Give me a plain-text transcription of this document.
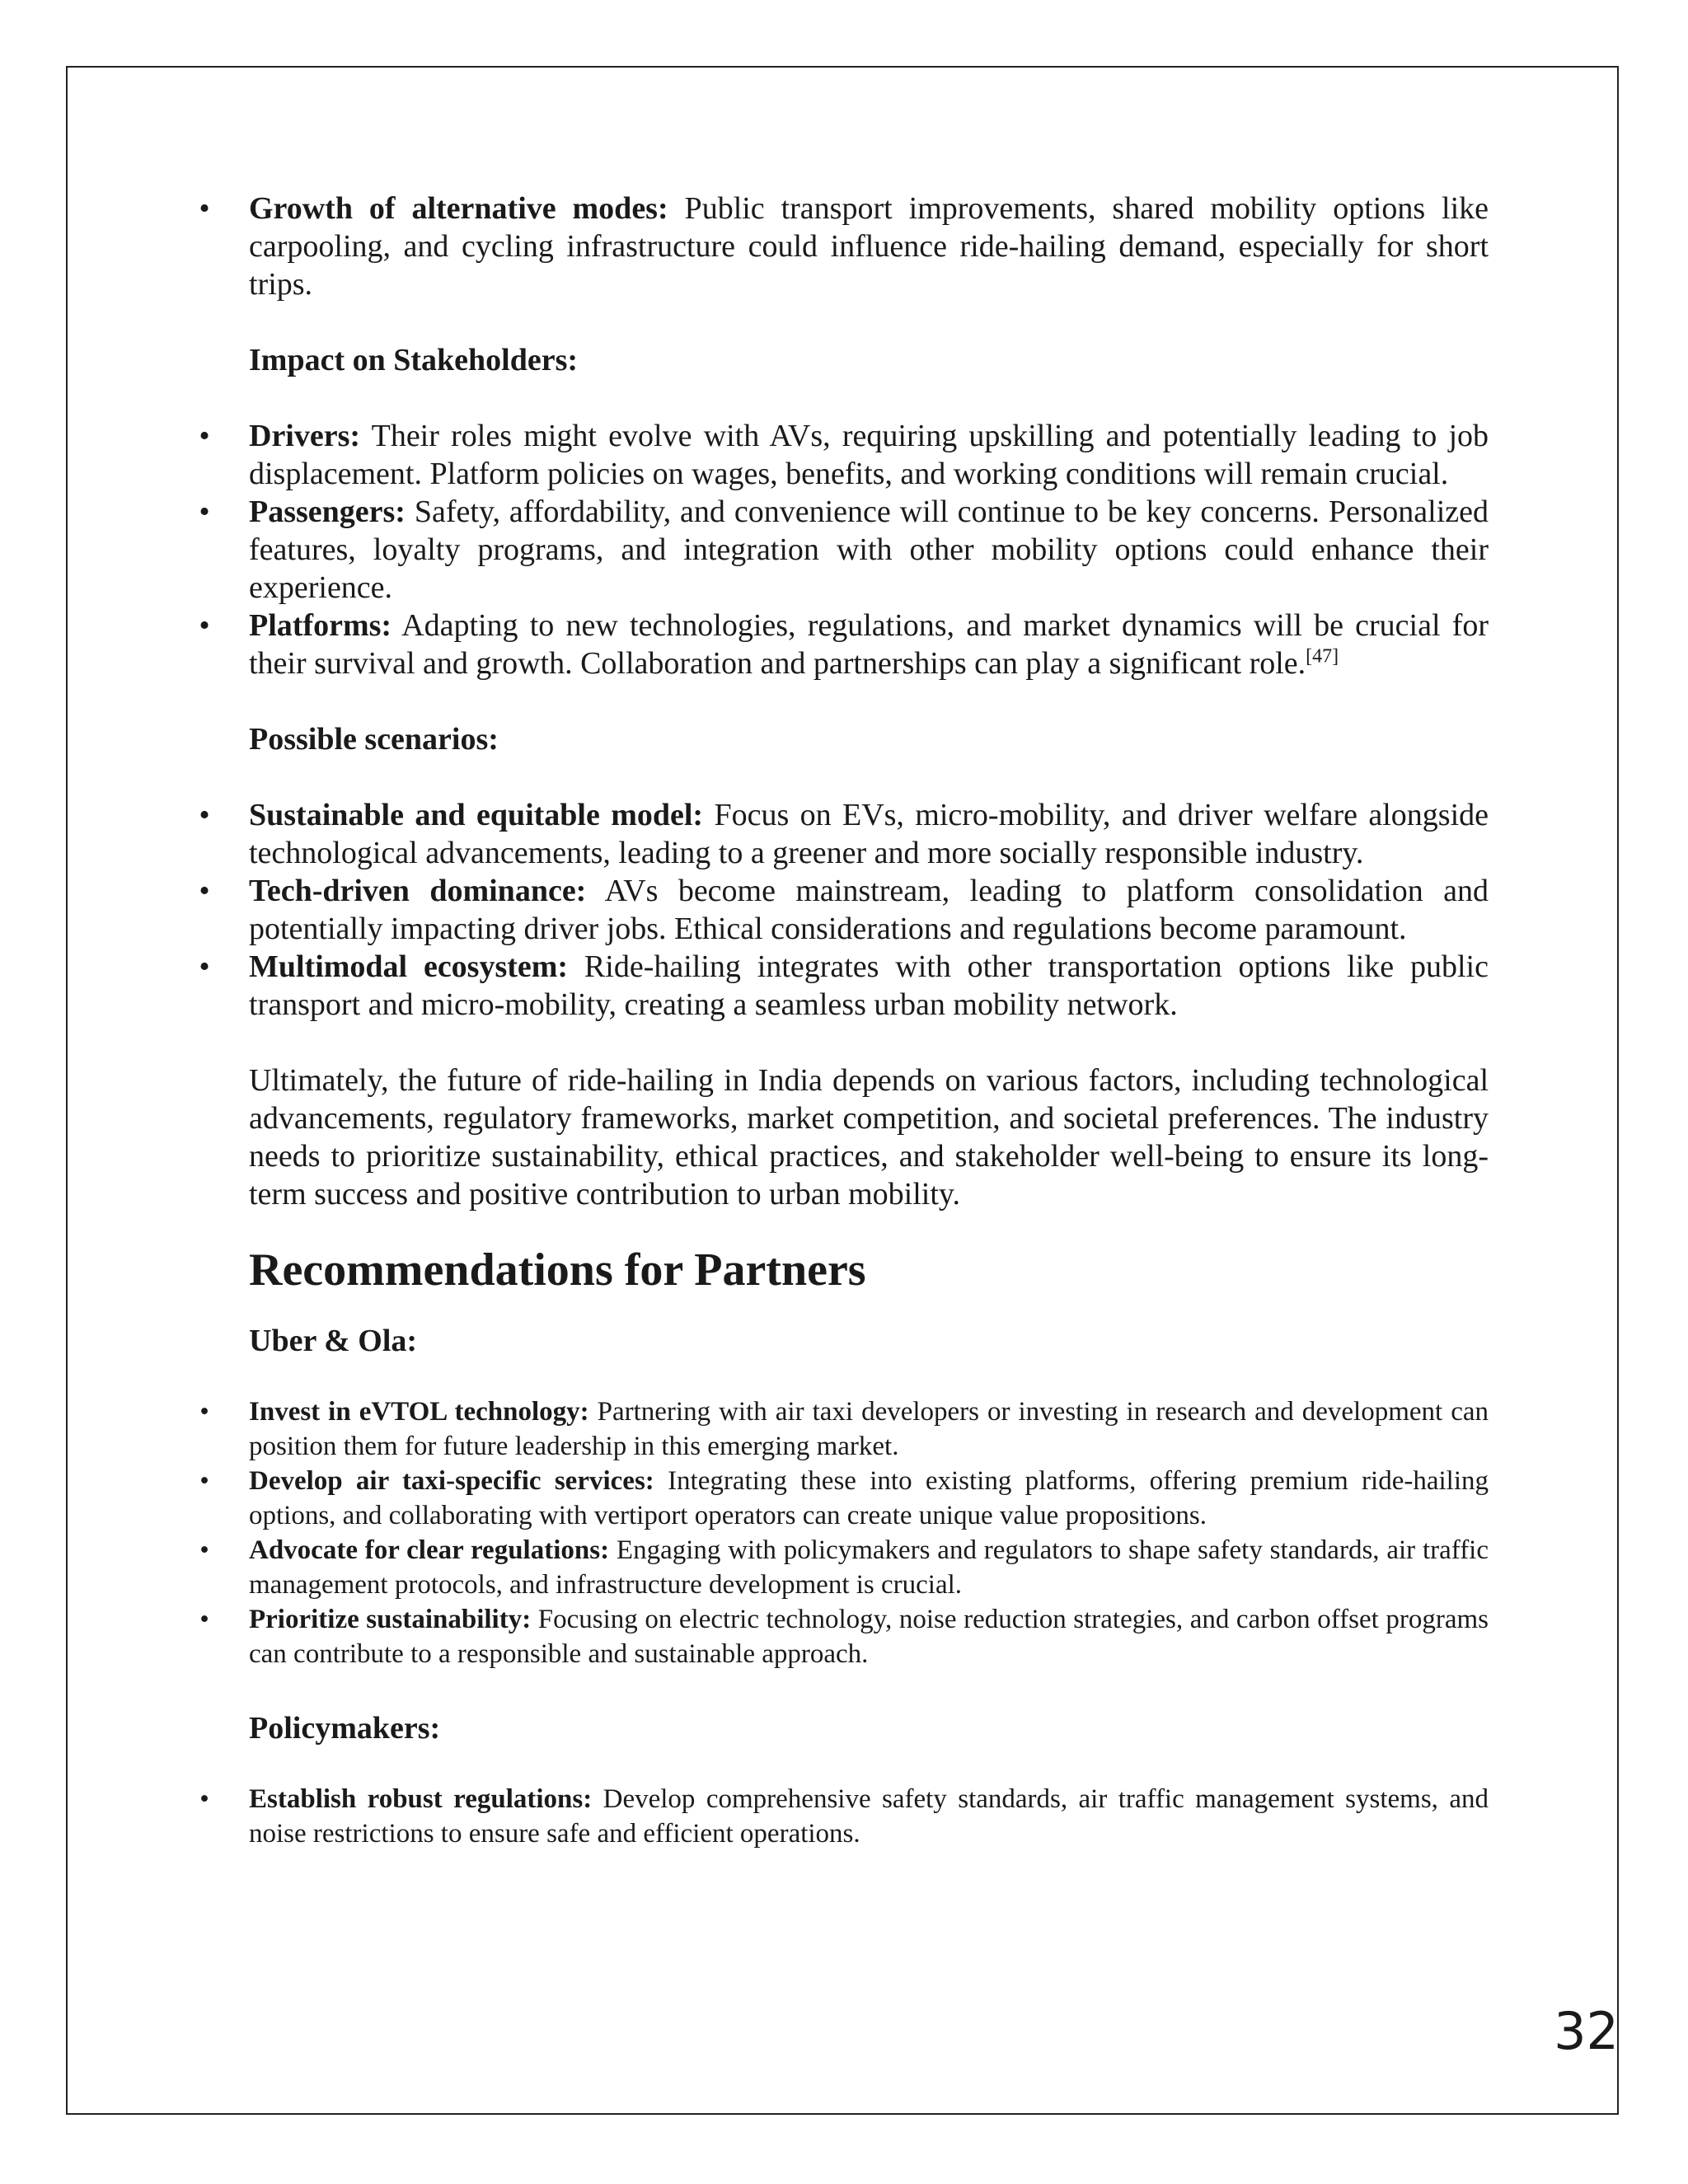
• Growth of alternative modes: Public transport improvements, shared mobility options like carpooling, and cycling infrastructure could influence ride-hailing demand, especially for short trips.
Impact on Stakeholders:
• Drivers: Their roles might evolve with AVs, requiring upskilling and potentially leading to job displacement. Platform policies on wages, benefits, and working conditions will remain crucial.
• Passengers: Safety, affordability, and convenience will continue to be key concerns. Personalized features, loyalty programs, and integration with other mobility options could enhance their experience.
• Platforms: Adapting to new technologies, regulations, and market dynamics will be crucial for their survival and growth. Collaboration and partnerships can play a significant role.[47]
Possible scenarios:
• Sustainable and equitable model: Focus on EVs, micro-mobility, and driver welfare alongside technological advancements, leading to a greener and more socially responsible industry.
• Tech-driven dominance: AVs become mainstream, leading to platform consolidation and potentially impacting driver jobs. Ethical considerations and regulations become paramount.
• Multimodal ecosystem: Ride-hailing integrates with other transportation options like public transport and micro-mobility, creating a seamless urban mobility network.
Ultimately, the future of ride-hailing in India depends on various factors, including technological advancements, regulatory frameworks, market competition, and societal preferences. The industry needs to prioritize sustainability, ethical practices, and stakeholder well-being to ensure its long-term success and positive contribution to urban mobility.
Recommendations for Partners
Uber & Ola:
• Invest in eVTOL technology: Partnering with air taxi developers or investing in research and development can position them for future leadership in this emerging market.
• Develop air taxi-specific services: Integrating these into existing platforms, offering premium ride-hailing options, and collaborating with vertiport operators can create unique value propositions.
• Advocate for clear regulations: Engaging with policymakers and regulators to shape safety standards, air traffic management protocols, and infrastructure development is crucial.
• Prioritize sustainability: Focusing on electric technology, noise reduction strategies, and carbon offset programs can contribute to a responsible and sustainable approach.
Policymakers:
• Establish robust regulations: Develop comprehensive safety standards, air traffic management systems, and noise restrictions to ensure safe and efficient operations.
32
